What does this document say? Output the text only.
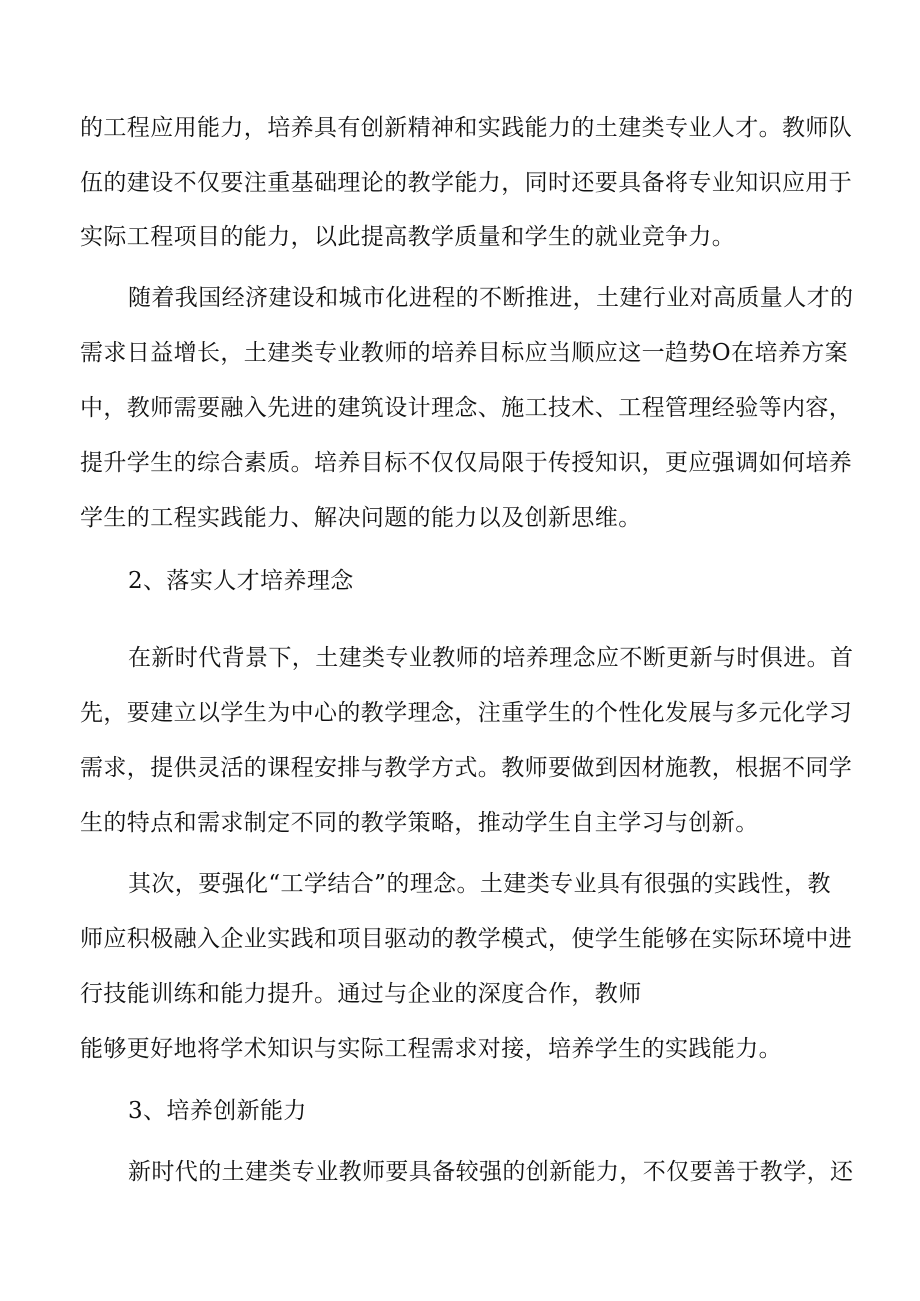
的工程应用能力，培养具有创新精神和实践能力的土建类专业人才。教师队
伍的建设不仅要注重基础理论的教学能力，同时还要具备将专业知识应用于
实际工程项目的能力，以此提高教学质量和学生的就业竞争力。
随着我国经济建设和城市化进程的不断推进，土建行业对高质量人才的
需求日益增长，土建类专业教师的培养目标应当顺应这一趋势O在培养方案
中，教师需要融入先进的建筑设计理念、施工技术、工程管理经验等内容，
提升学生的综合素质。培养目标不仅仅局限于传授知识，更应强调如何培养
学生的工程实践能力、解决问题的能力以及创新思维。
2、落实人才培养理念
在新时代背景下，土建类专业教师的培养理念应不断更新与时俱进。首
先，要建立以学生为中心的教学理念，注重学生的个性化发展与多元化学习
需求，提供灵活的课程安排与教学方式。教师要做到因材施教，根据不同学
生的特点和需求制定不同的教学策略，推动学生自主学习与创新。
其次，要强化“工学结合”的理念。土建类专业具有很强的实践性，教
师应积极融入企业实践和项目驱动的教学模式，使学生能够在实际环境中进
行技能训练和能力提升。通过与企业的深度合作，教师
能够更好地将学术知识与实际工程需求对接，培养学生的实践能力。
3、培养创新能力
新时代的土建类专业教师要具备较强的创新能力，不仅要善于教学，还
